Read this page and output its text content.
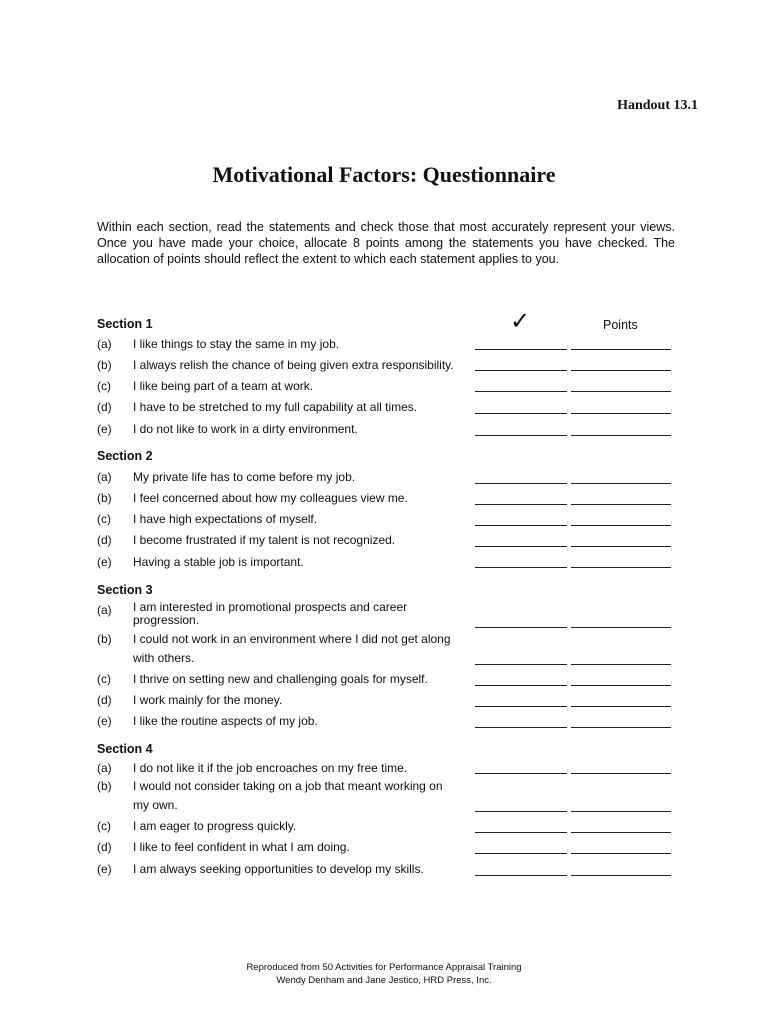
Handout 13.1
Motivational Factors: Questionnaire
Within each section, read the statements and check those that most accurately represent your views. Once you have made your choice, allocate 8 points among the statements you have checked. The allocation of points should reflect the extent to which each statement applies to you.
✓	Points
Section 1
(a) I like things to stay the same in my job.
(b) I always relish the chance of being given extra responsibility.
(c) I like being part of a team at work.
(d) I have to be stretched to my full capability at all times.
(e) I do not like to work in a dirty environment.
Section 2
(a) My private life has to come before my job.
(b) I feel concerned about how my colleagues view me.
(c) I have high expectations of myself.
(d) I become frustrated if my talent is not recognized.
(e) Having a stable job is important.
Section 3
(a) I am interested in promotional prospects and career progression.
(b) I could not work in an environment where I did not get along with others.
(c) I thrive on setting new and challenging goals for myself.
(d) I work mainly for the money.
(e) I like the routine aspects of my job.
Section 4
(a) I do not like it if the job encroaches on my free time.
(b) I would not consider taking on a job that meant working on my own.
(c) I am eager to progress quickly.
(d) I like to feel confident in what I am doing.
(e) I am always seeking opportunities to develop my skills.
Reproduced from 50 Activities for Performance Appraisal Training
Wendy Denham and Jane Jestico, HRD Press, Inc.
